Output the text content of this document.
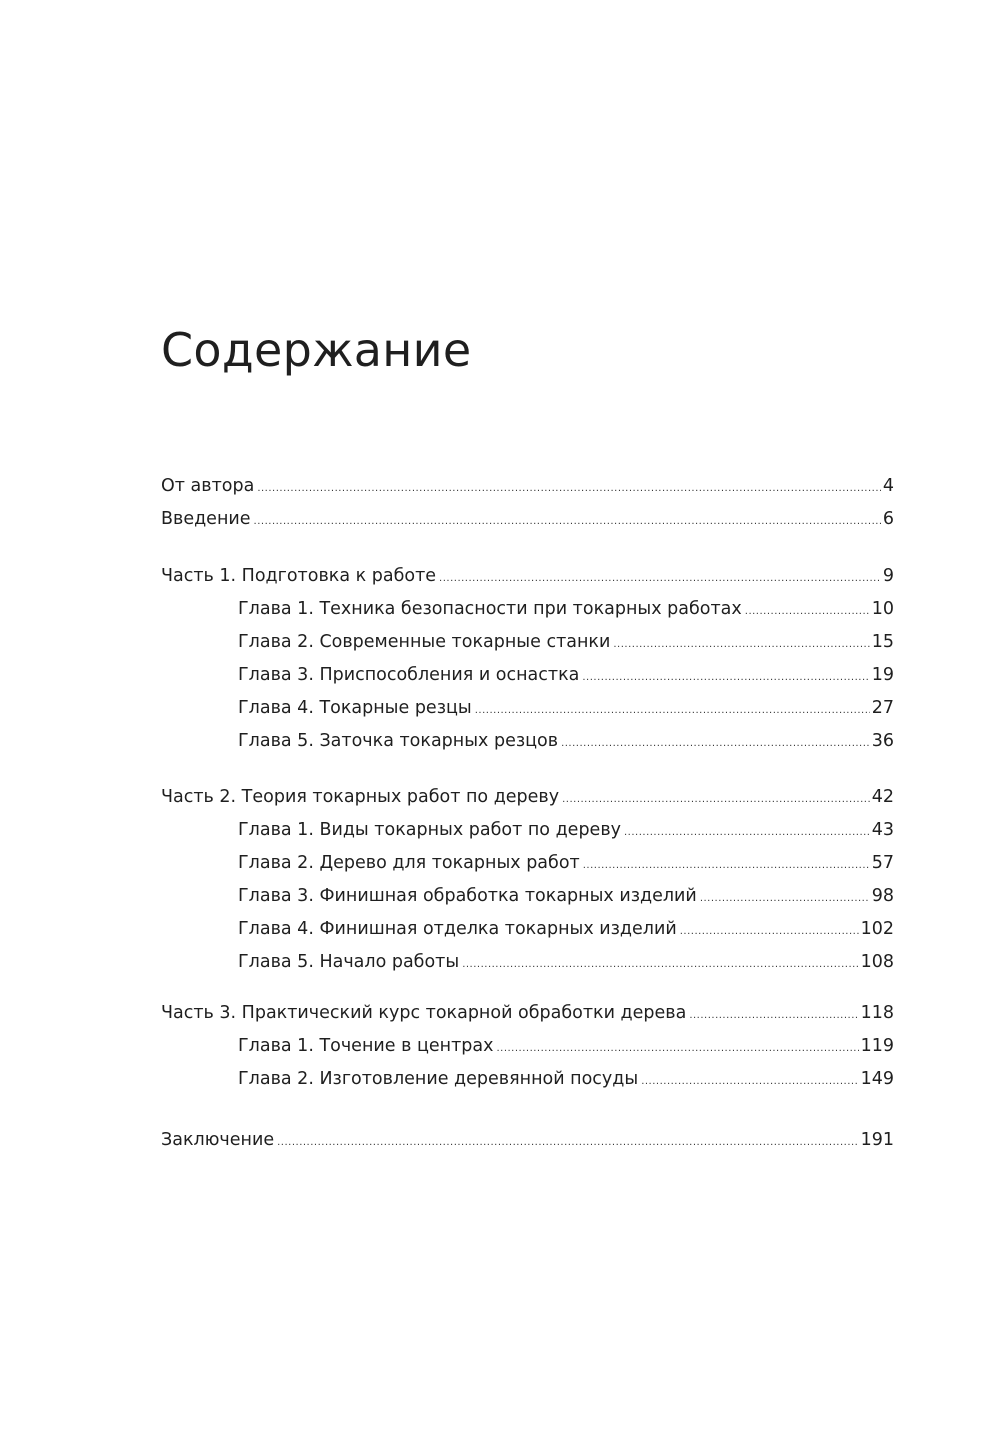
Содержание
От автора .....	4
Введение .....	6
Часть 1. Подготовка к работе .....	9
Глава 1. Техника безопасности при токарных работах .....	10
Глава 2. Современные токарные станки .....	15
Глава 3. Приспособления и оснастка .....	19
Глава 4. Токарные резцы .....	27
Глава 5. Заточка токарных резцов .....	36
Часть 2. Теория токарных работ по дереву .....	42
Глава 1. Виды токарных работ по дереву .....	43
Глава 2. Дерево для токарных работ .....	57
Глава 3. Финишная обработка токарных изделий .....	98
Глава 4. Финишная отделка токарных изделий .....	102
Глава 5. Начало работы .....	108
Часть 3. Практический курс токарной обработки дерева .....	118
Глава 1. Точение в центрах .....	119
Глава 2. Изготовление деревянной посуды .....	149
Заключение .....	191
